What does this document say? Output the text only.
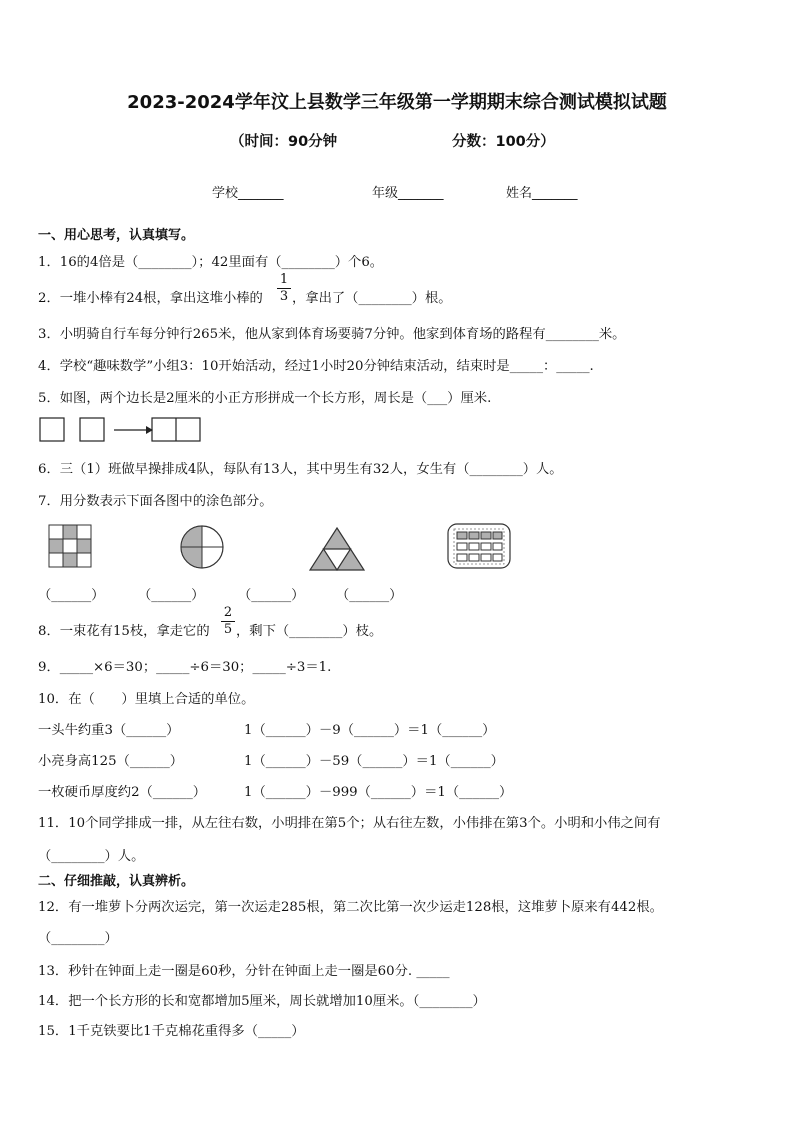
2023-2024学年汶上县数学三年级第一学期期末综合测试模拟试题
（时间：90分钟	分数：100分）
学校_______	年级_______	姓名_______
一、用心思考，认真填写。
1．16的4倍是（________）；42里面有（________）个6。
2．一堆小棒有24根，拿出这堆小棒的
1
3 ，拿出了（________）根。
3．小明骑自行车每分钟行265米，他从家到体育场要骑7分钟。他家到体育场的路程有________米。
4．学校“趣味数学”小组3：10开始活动，经过1小时20分钟结束活动，结束时是_____：_____.
5．如图，两个边长是2厘米的小正方形拼成一个长方形，周长是（___）厘米.
6．三（1）班做早操排成4队，每队有13人，其中男生有32人，女生有（________）人。
7．用分数表示下面各图中的涂色部分。
（______）	（______）	（______） （______）
8．一束花有15枝，拿走它的
2
5 ，剩下（________）枝。
9．_____×6＝30；_____÷6＝30；_____÷3＝1.
10．在（　　）里填上合适的单位。
一头牛约重3（______）	1（______）－9（______）＝1（______）
小亮身高125（______）	1（______）－59（______）＝1（______）
一枚硬币厚度约2（______）	1（______）－999（______）＝1（______）
11．10个同学排成一排，从左往右数，小明排在第5个；从右往左数，小伟排在第3个。小明和小伟之间有
（________）人。
二、仔细推敲，认真辨析。
12．有一堆萝卜分两次运完，第一次运走285根，第二次比第一次少运走128根，这堆萝卜原来有442根。
（________）
13．秒针在钟面上走一圈是60秒，分针在钟面上走一圈是60分. _____
14．把一个长方形的长和宽都增加5厘米，周长就增加10厘米。（________）
15．1千克铁要比1千克棉花重得多（_____）
